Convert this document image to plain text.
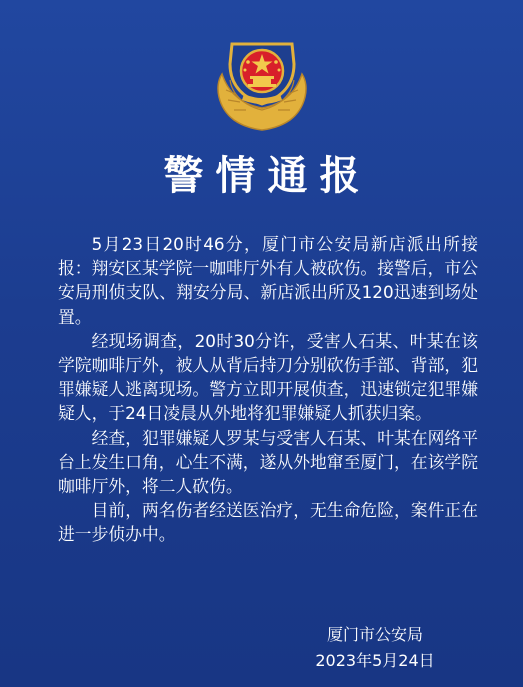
警情通报

5月23日20时46分，厦门市公安局新店派出所接报：翔安区某学院一咖啡厅外有人被砍伤。接警后，市公安局刑侦支队、翔安分局、新店派出所及120迅速到场处置。

经现场调查，20时30分许，受害人石某、叶某在该学院咖啡厅外，被人从背后持刀分别砍伤手部、背部，犯罪嫌疑人逃离现场。警方立即开展侦查，迅速锁定犯罪嫌疑人，于24日凌晨从外地将犯罪嫌疑人抓获归案。

经查，犯罪嫌疑人罗某与受害人石某、叶某在网络平台上发生口角，心生不满，遂从外地窜至厦门，在该学院咖啡厅外，将二人砍伤。

目前，两名伤者经送医治疗，无生命危险，案件正在进一步侦办中。

厦门市公安局
2023年5月24日
